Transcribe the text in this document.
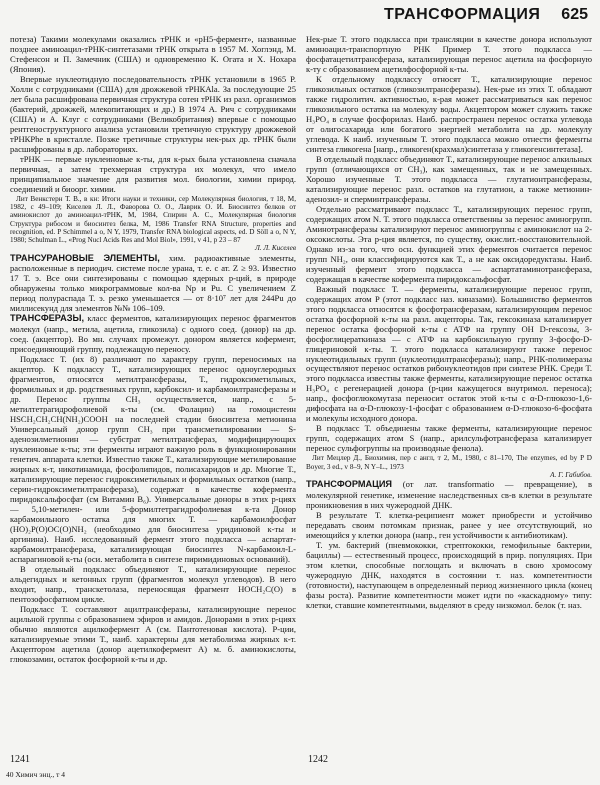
ТРАНСФОРМАЦИЯ 625

потеза) Такими молекулами оказались тРНК и «pH5-фермент», названные позднее аминоацил-тРНК-синтетазами тРНК открыта в 1957 М. Хоглэнд, М. Стефенсон и П. Замечник (США) и одновременно К. Огата и Х. Нохара (Япония).

Впервые нуклеотидную последовательность тРНК установили в 1965 Р. Холли с сотрудниками (США) для дрожжевой тРНКAla. За последующие 25 лет была расшифрована первичная структура сотен тРНК из разл. организмов (бактерий, дрожжей, млекопитающих и др.) В 1974 А. Рич с сотрудниками (США) и А. Клуг с сотрудниками (Великобритания) впервые с помощью рентгеноструктурного анализа установили третичную структуру дрожжевой тРНКPhe в кристалле. Позже третичные структуры нек-рых др. тРНК были расшифрованы в др. лабораториях.

тРНК — первые нуклеиновые к-ты, для к-рых была установлена сначала первичная, а затем трехмерная структура их молекул, что имело принципиальное значение для развития мол. биологии, химии природ. соединений и биоорг. химии.

Лит Венкстерн Т. В., в кн: Итоги науки и техники, сер Молекулярная биология, т 18, М, 1982, с 49–109; Киселев Л. Л., Фаворова О. О., Лаврик О. И. Биосинтез белков от аминокислот до аминоацил-тРНК, М, 1984, Спирин А. С., Молекулярная биология Структура рибосом и биосинтез белка, М, 1986 Transfer RNA Structure, properties and recognition, ed. P Schimmel a o, N Y, 1979, Transfer RNA biological aspects, ed. D Söll a o, N Y, 1980; Schulman L., «Prog Nucl Acids Res and Mol Biol», 1991, v 41, p 23 – 87
Л. Л. Киселев

ТРАНСУРАНОВЫЕ ЭЛЕМЕНТЫ, хим. радиоактивные элементы, расположенные в периодич. системе после урана, т. е. с ат. Z ≥ 93. Известно 17 Т. э. Все они синтезированы с помощью ядерных р-ций, в природе обнаружены только микрограммовые кол-ва Np и Pu. С увеличением Z период полураспада Т. э. резко уменьшается — от 8·10⁷ лет для 244Pu до миллисекунд для элементов №№ 106–109.

ТРАНСФЕРАЗЫ, класс ферментов, катализирующих перенос фрагментов молекул (напр., метила, ацетила, гликозила) с одного соед. (донор) на др. соед. (акцептор). Во мн. случаях промежут. донором является кофермент, присоединяющий группу, подлежащую переносу.

Подкласс Т. (их 8) различают по характеру групп, переносимых на акцептор. К подклассу Т., катализирующих перенос одноуглеродных фрагментов, относятся метилтрансферазы, Т., гидроксиметильных, формильных и др. родственных групп, карбоксил- и карбамоилтрансферазы и др. Перенос группы CH₃ осуществляется, напр., с 5-метилтетрагидрофолиевой к-ты (см. Фолацин) на гомоцистеин HSCH₂CH₂CH(NH₂)COOH на последней стадии биосинтеза метионина Универсальный донор групп CH₃ при трансметилировании — S-аденозилметионин — субстрат метилтрансфераз, модифицирующих нуклеиновые к-ты; эти ферменты играют важную роль в функционировании генетич. аппарата клетки. Известно также Т., катализирующие метилирование жирных к-т, никотинамида, фосфолипидов, полисахаридов и др. Многие Т., катализирующие перенос гидроксиметильных и формильных остатков (напр., серин-гидроксиметилтрансфераза), содержат в качестве кофермента пиридоксальфосфат (см Витамин B₆). Универсальные доноры в этих р-циях — 5,10-метилен- или 5-формилтетрагидрофолиевая к-та Донор карбамоильного остатка для многих Т. — карбамоилфосфат (HO)₂P(O)OC(O)NH₂ (необходимо для биосинтеза уридиновой к-ты и аргинина). Наиб. исследованный фермент этого подкласса — аспартат-карбамоилтрансфераза, катализирующая биосинтез N-карбамоил-L-аспарагиновой к-ты (оси. метаболита в синтезе пиримидиновых оснований).

В отдельный подкласс объединяют Т., катализирующие перенос альдегидных и кетонных групп (фрагментов молекул углеводов). В него входит, напр., транскетолаза, переносящая фрагмент HOCH₂C(O) в пентозофосфатном цикле.

Подкласс Т. составляют ацилтрансферазы, катализирующие перенос ацильной группы с образованием эфиров и амидов. Донорами в этих р-циях обычно являются ацилкофермент A (см. Пантотеновая кислота). Р-ции, катализируемые этими Т., наиб. характерны для метаболизма жирных к-т. Акцептором ацетила (донор ацетилкофермент А) м. б. аминокислоты, глюкозамин, остаток фосфорной к-ты и др.

Нек-рые Т. этого подкласса при трансляции в качестве донора используют аминоацил-транспортную РНК Пример Т. этого подкласса — фосфатацетилтрансфераза, катализирующая перенос ацетила на фосфорную к-ту с образованием ацетилфосфорной к-ты.

К отдельному подклассу относят Т., катализирующие перенос гликозильных остатков (гликозилтрансферазы). Нек-рые из этих Т. обладают также гидролитич. активностью, к-рая может рассматриваться как перенос гликозильного остатка на молекулу воды. Акцептором может служить также H₃PO₄ в случае фосфорилаз. Наиб. распространен перенос остатка углевода от олигосахарида или богатого энергией метаболита на др. молекулу углевода. К наиб. изученным Т. этого подкласса можно отнести ферменты синтеза гликогена [напр., гликоген(крахмал)синтетаза у гликогенсинтетаза].

В отдельный подкласс объединяют Т., катализирующие перенос алкильных групп (отличающихся от CH₃), как замещенных, так и не замещенных. Хорошо изученные Т. этого подкласса — глутатионтрансферазы, катализирующие перенос разл. остатков на глутатион, а также метионин-аденозил- и сперминтрансферазы.

Отдельно рассматривают подкласс Т., катализирующих перенос групп, содержащих атом N. Т. этого подкласса ответственны за перенос аминогрупп. Аминотрансферазы катализируют перенос аминогруппы с аминокислот на 2-оксокислоты. Эта р-ция является, по существу, окислит.-восстановительной. Однако из-за того, что осн. функцией этих ферментов считается перенос групп NH₂, они классифицируются как Т., а не как оксидоредуктазы. Наиб. изученный фермент этого подкласса — аспартатаминотрансфераза, содержащая в качестве кофермента пиридоксальфосфат.

Важный подкласс Т. — ферменты, катализирующие перенос групп, содержащих атом P (этот подкласс наз. киназами). Большинство ферментов этого подкласса относятся к фосфотрансферазам, катализирующим перенос остатка фосфорной к-ты на разл. акцепторы. Так, гексокиназа катализирует перенос остатка фосфорной к-ты с АТФ на группу OH D-гексозы, 3-фосфоглицераткиназа — с АТФ на карбоксильную группу 3-фосфо-D-глицериновой к-ты. Т. этого подкласса катализируют также перенос нуклеотидильных групп (нуклеотидилтрансферазы); напр., РНК-полимеразы осуществляют перенос остатков рибонуклеотидов при синтезе РНК. Среди Т. этого подкласса известны также ферменты, катализирующие перенос остатка H₃PO₄ с регенерацией донора (р-ции кажущегося внутримол. переноса); напр., фосфоглюкомутаза переносит остаток этой к-ты с α-D-глюкозо-1,6-дифосфата на α-D-глюкозу-1-фосфат с образованием α-D-глюкозо-6-фосфата и молекулы исходного донора.

В подкласс Т. объединены также ферменты, катализирующие перенос групп, содержащих атом S (напр., арилсульфотрансфераза катализирует перенос сульфогруппы на производные фенола).

Лит Мецлер Д., Биохимия, пер с англ, т 2, М., 1980, с 81–170, The enzymes, ed by P D Boyer, 3 ed., v 8–9, N Y–L., 1973
А. Г. Габибов.

ТРАНСФОРМАЦИЯ (от лат. transformatio — превращение), в молекулярной генетике, изменение наследственных св-в клетки в результате проникновения в них чужеродной ДНК.

В результате Т. клетка-реципиент может приобрести и устойчиво передавать своим потомкам признак, ранее у нее отсутствующий, но имеющийся у клетки донора (напр., ген устойчивости к антибиотикам).

Т. ум. бактерий (пневмококки, стрептококки, гемофильные бактерии, бациллы) — естественный процесс, происходящий в прир. популяциях. При этом клетки, способные поглощать и включать в свою хромосому чужеродную ДНК, находятся в состоянии т. наз. компетентности (готовности), наступающем в определенный период жизненного цикла (конец фазы роста). Развитие компетентности может идти по «каскадному» типу: клетки, ставшие компетентными, выделяют в среду низкомол. белок (т. наз.

1241	1242
40 Химич энц., т 4
